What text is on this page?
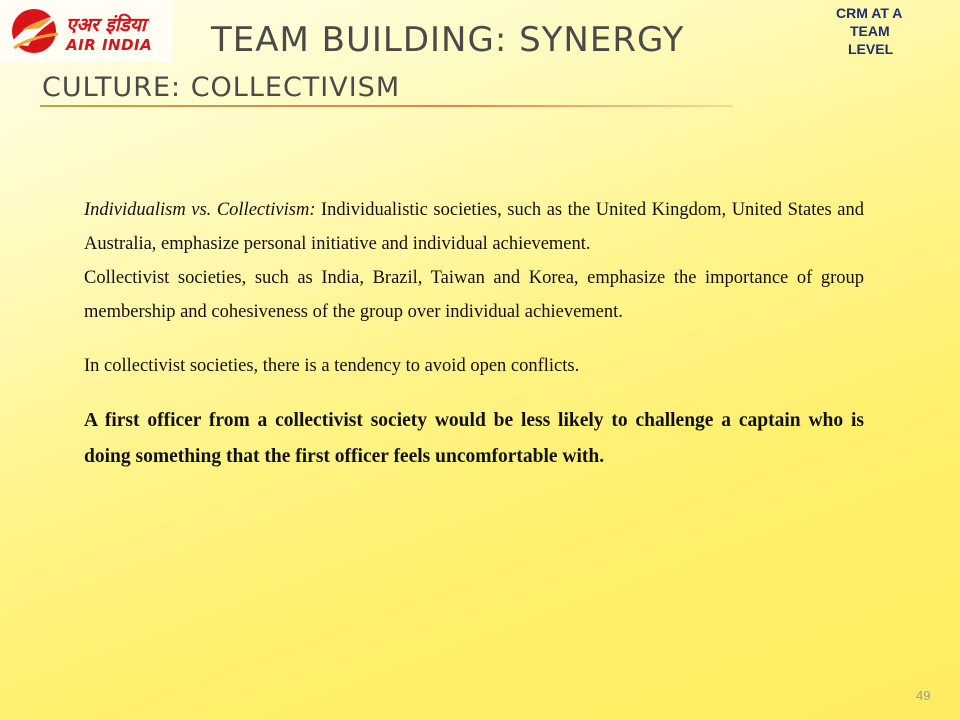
एअर इंडिया
AIR INDIA TEAM BUILDING: SYNERGY
CULTURE: COLLECTIVISM
CRM AT A
TEAM
LEVEL

Individualism vs. Collectivism: Individualistic societies, such as the United Kingdom, United States and Australia, emphasize personal initiative and individual achievement.

Collectivist societies, such as India, Brazil, Taiwan and Korea, emphasize the importance of group membership and cohesiveness of the group over individual achievement.

In collectivist societies, there is a tendency to avoid open conflicts.

A first officer from a collectivist society would be less likely to challenge a captain who is doing something that the first officer feels uncomfortable with.

49
